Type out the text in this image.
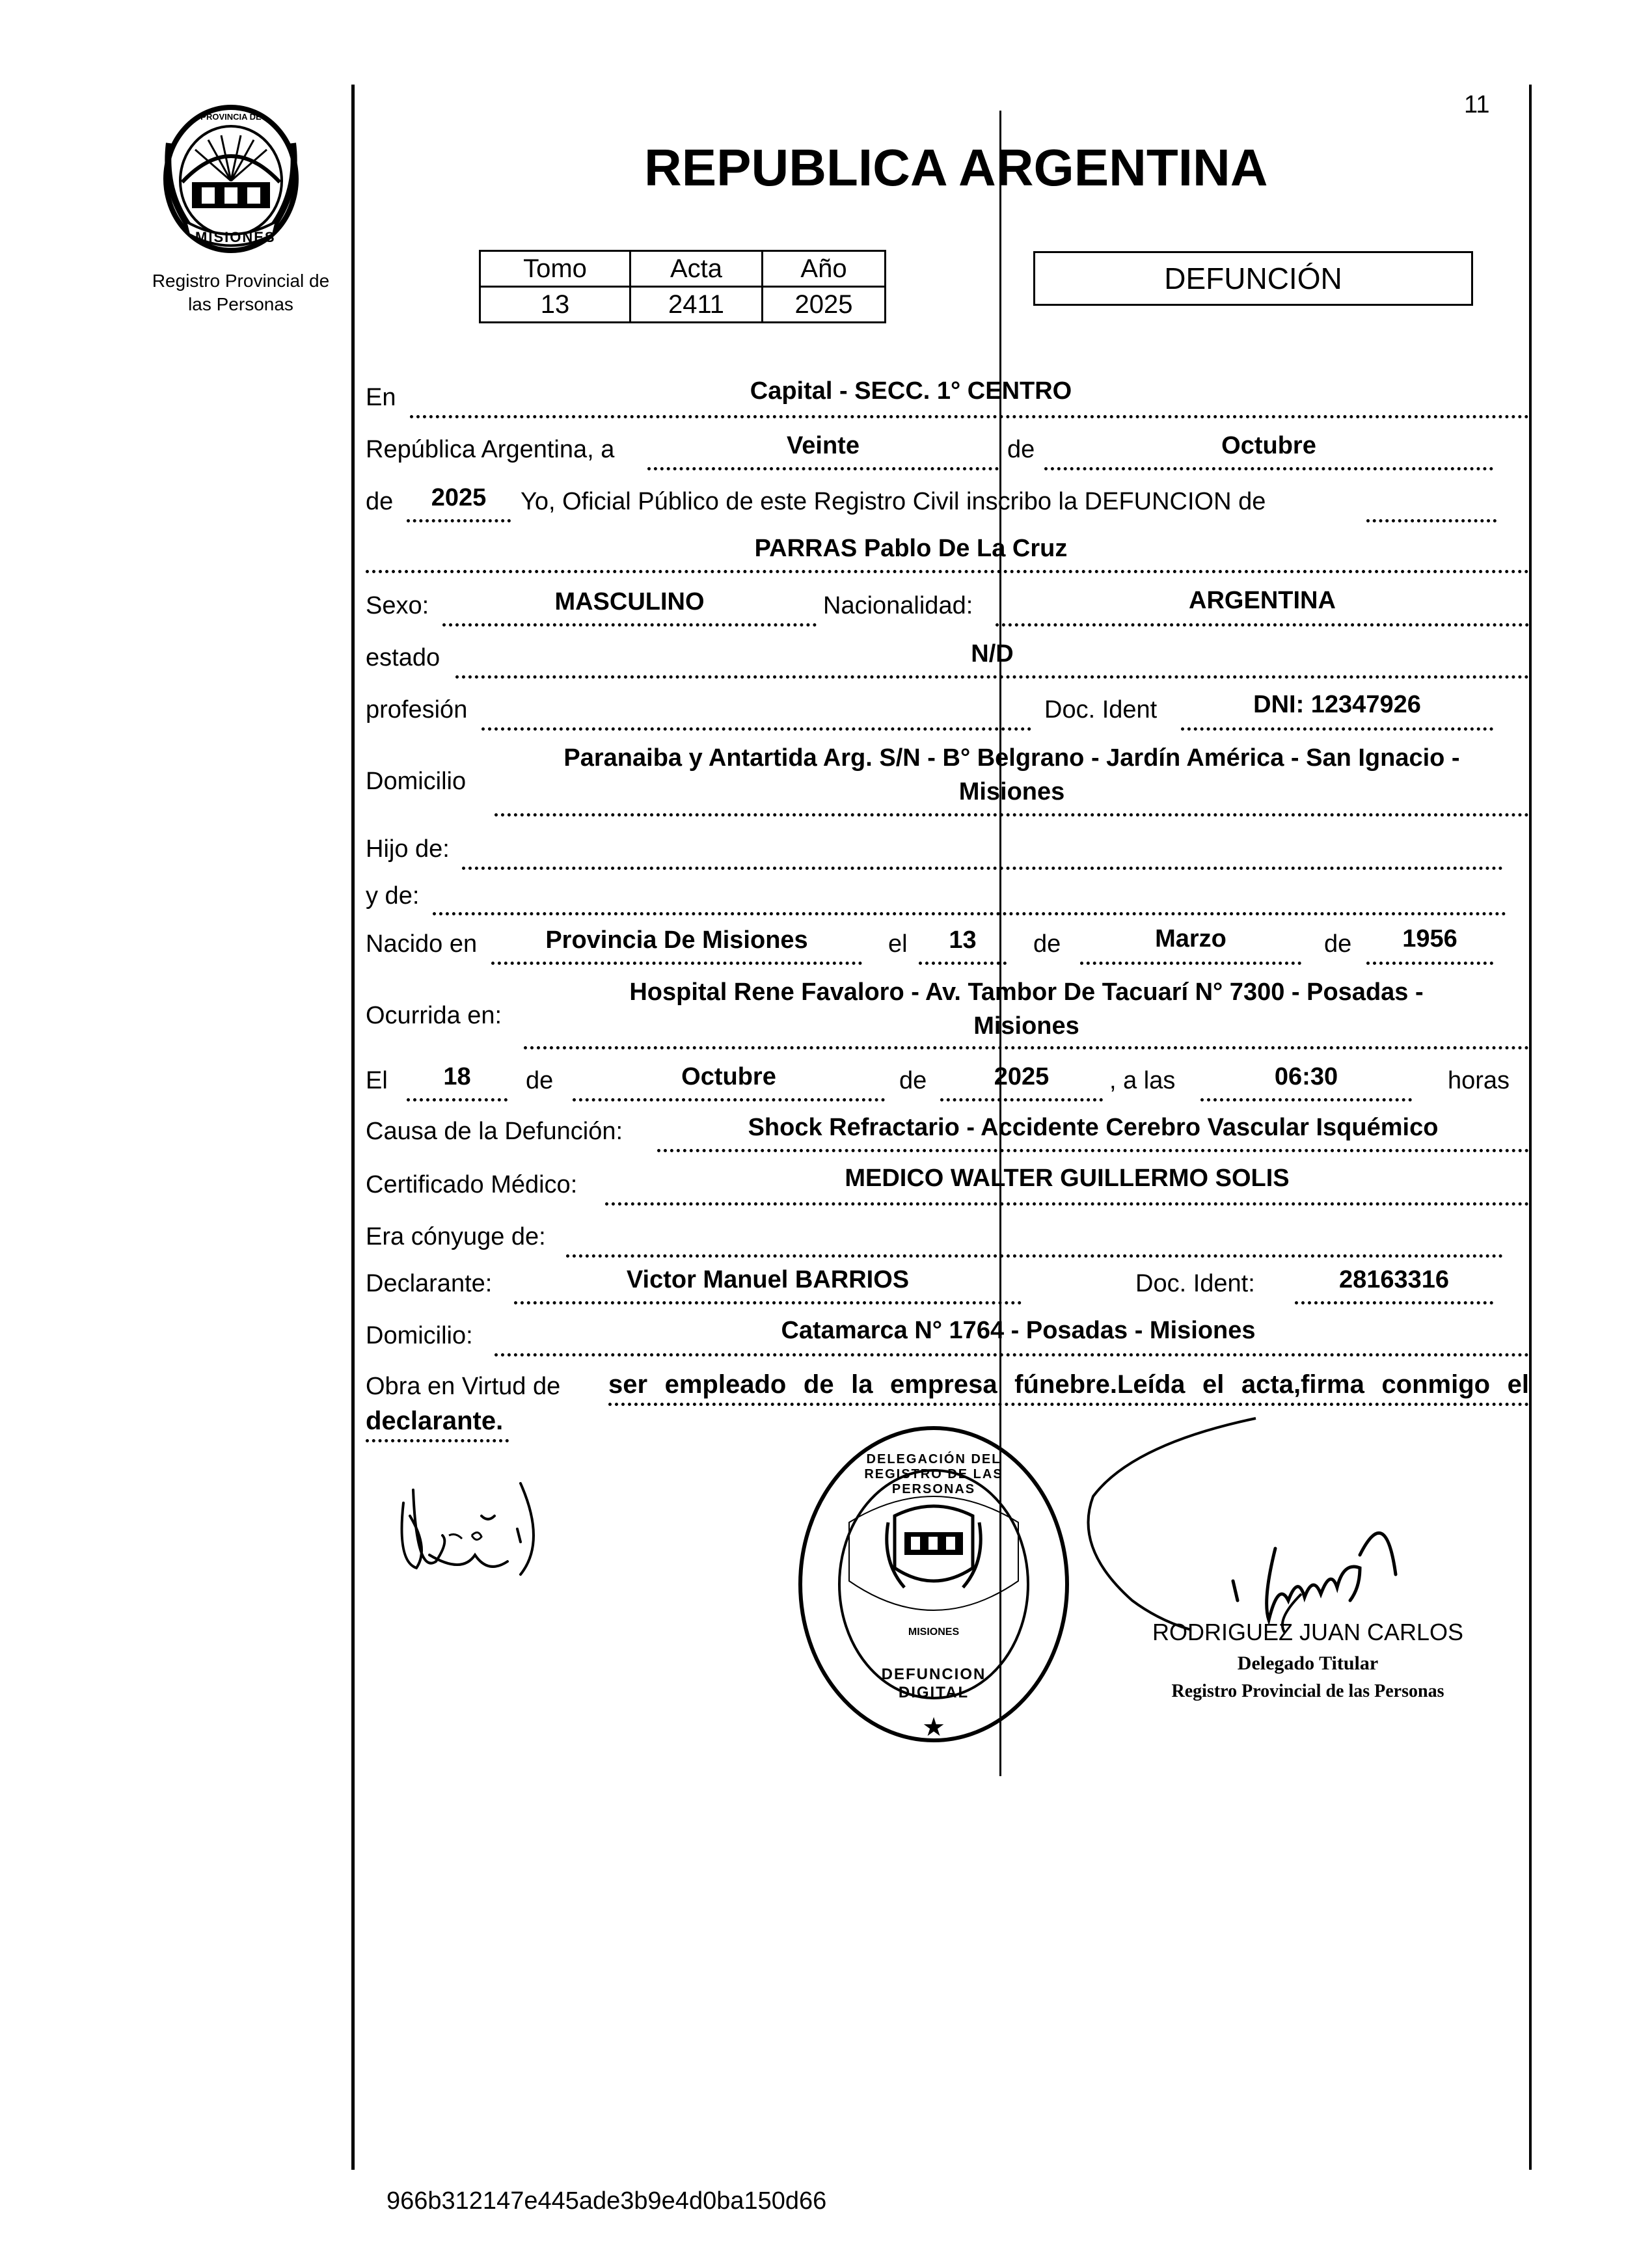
11
PROVINCIA DE
MISIONES
Registro Provincial de
las Personas
REPUBLICA ARGENTINA
Tomo	Acta	Año
13	2411	2025
DEFUNCIÓN
En	Capital - SECC. 1° CENTRO
República Argentina, a	Veinte	de	Octubre
de	2025	Yo, Oficial Público de este Registro Civil inscribo la DEFUNCION de
PARRAS Pablo De La Cruz
Sexo:	MASCULINO	Nacionalidad:	ARGENTINA
estado	N/D
profesión	Doc. Ident	DNI: 12347926
Domicilio
Paranaiba y Antartida Arg. S/N - B° Belgrano - Jardín América - San Ignacio -
Misiones
Hijo de:
y de:
Nacido en	Provincia De Misiones	el	13	de	Marzo	de	1956
Ocurrida en:
Hospital Rene Favaloro - Av. Tambor De Tacuarí N° 7300 - Posadas -
Misiones
El	18	de	Octubre	de	2025	, a las	06:30	horas
Causa de la Defunción:	Shock Refractario - Accidente Cerebro Vascular Isquémico
Certificado Médico:	MEDICO WALTER GUILLERMO SOLIS
Era cónyuge de:
Declarante:	Victor Manuel BARRIOS	Doc. Ident:	28163316
Domicilio:	Catamarca N° 1764 - Posadas - Misiones
Obra en Virtud de ser empleado de la empresa fúnebre.Leída el acta,firma conmigo el
declarante.
★
DELEGACIÓN DEL REGISTRO DE LAS PERSONAS
MISIONES
DEFUNCION DIGITAL
RODRIGUEZ JUAN CARLOS
Delegado Titular
Registro Provincial de las Personas
966b312147e445ade3b9e4d0ba150d66
